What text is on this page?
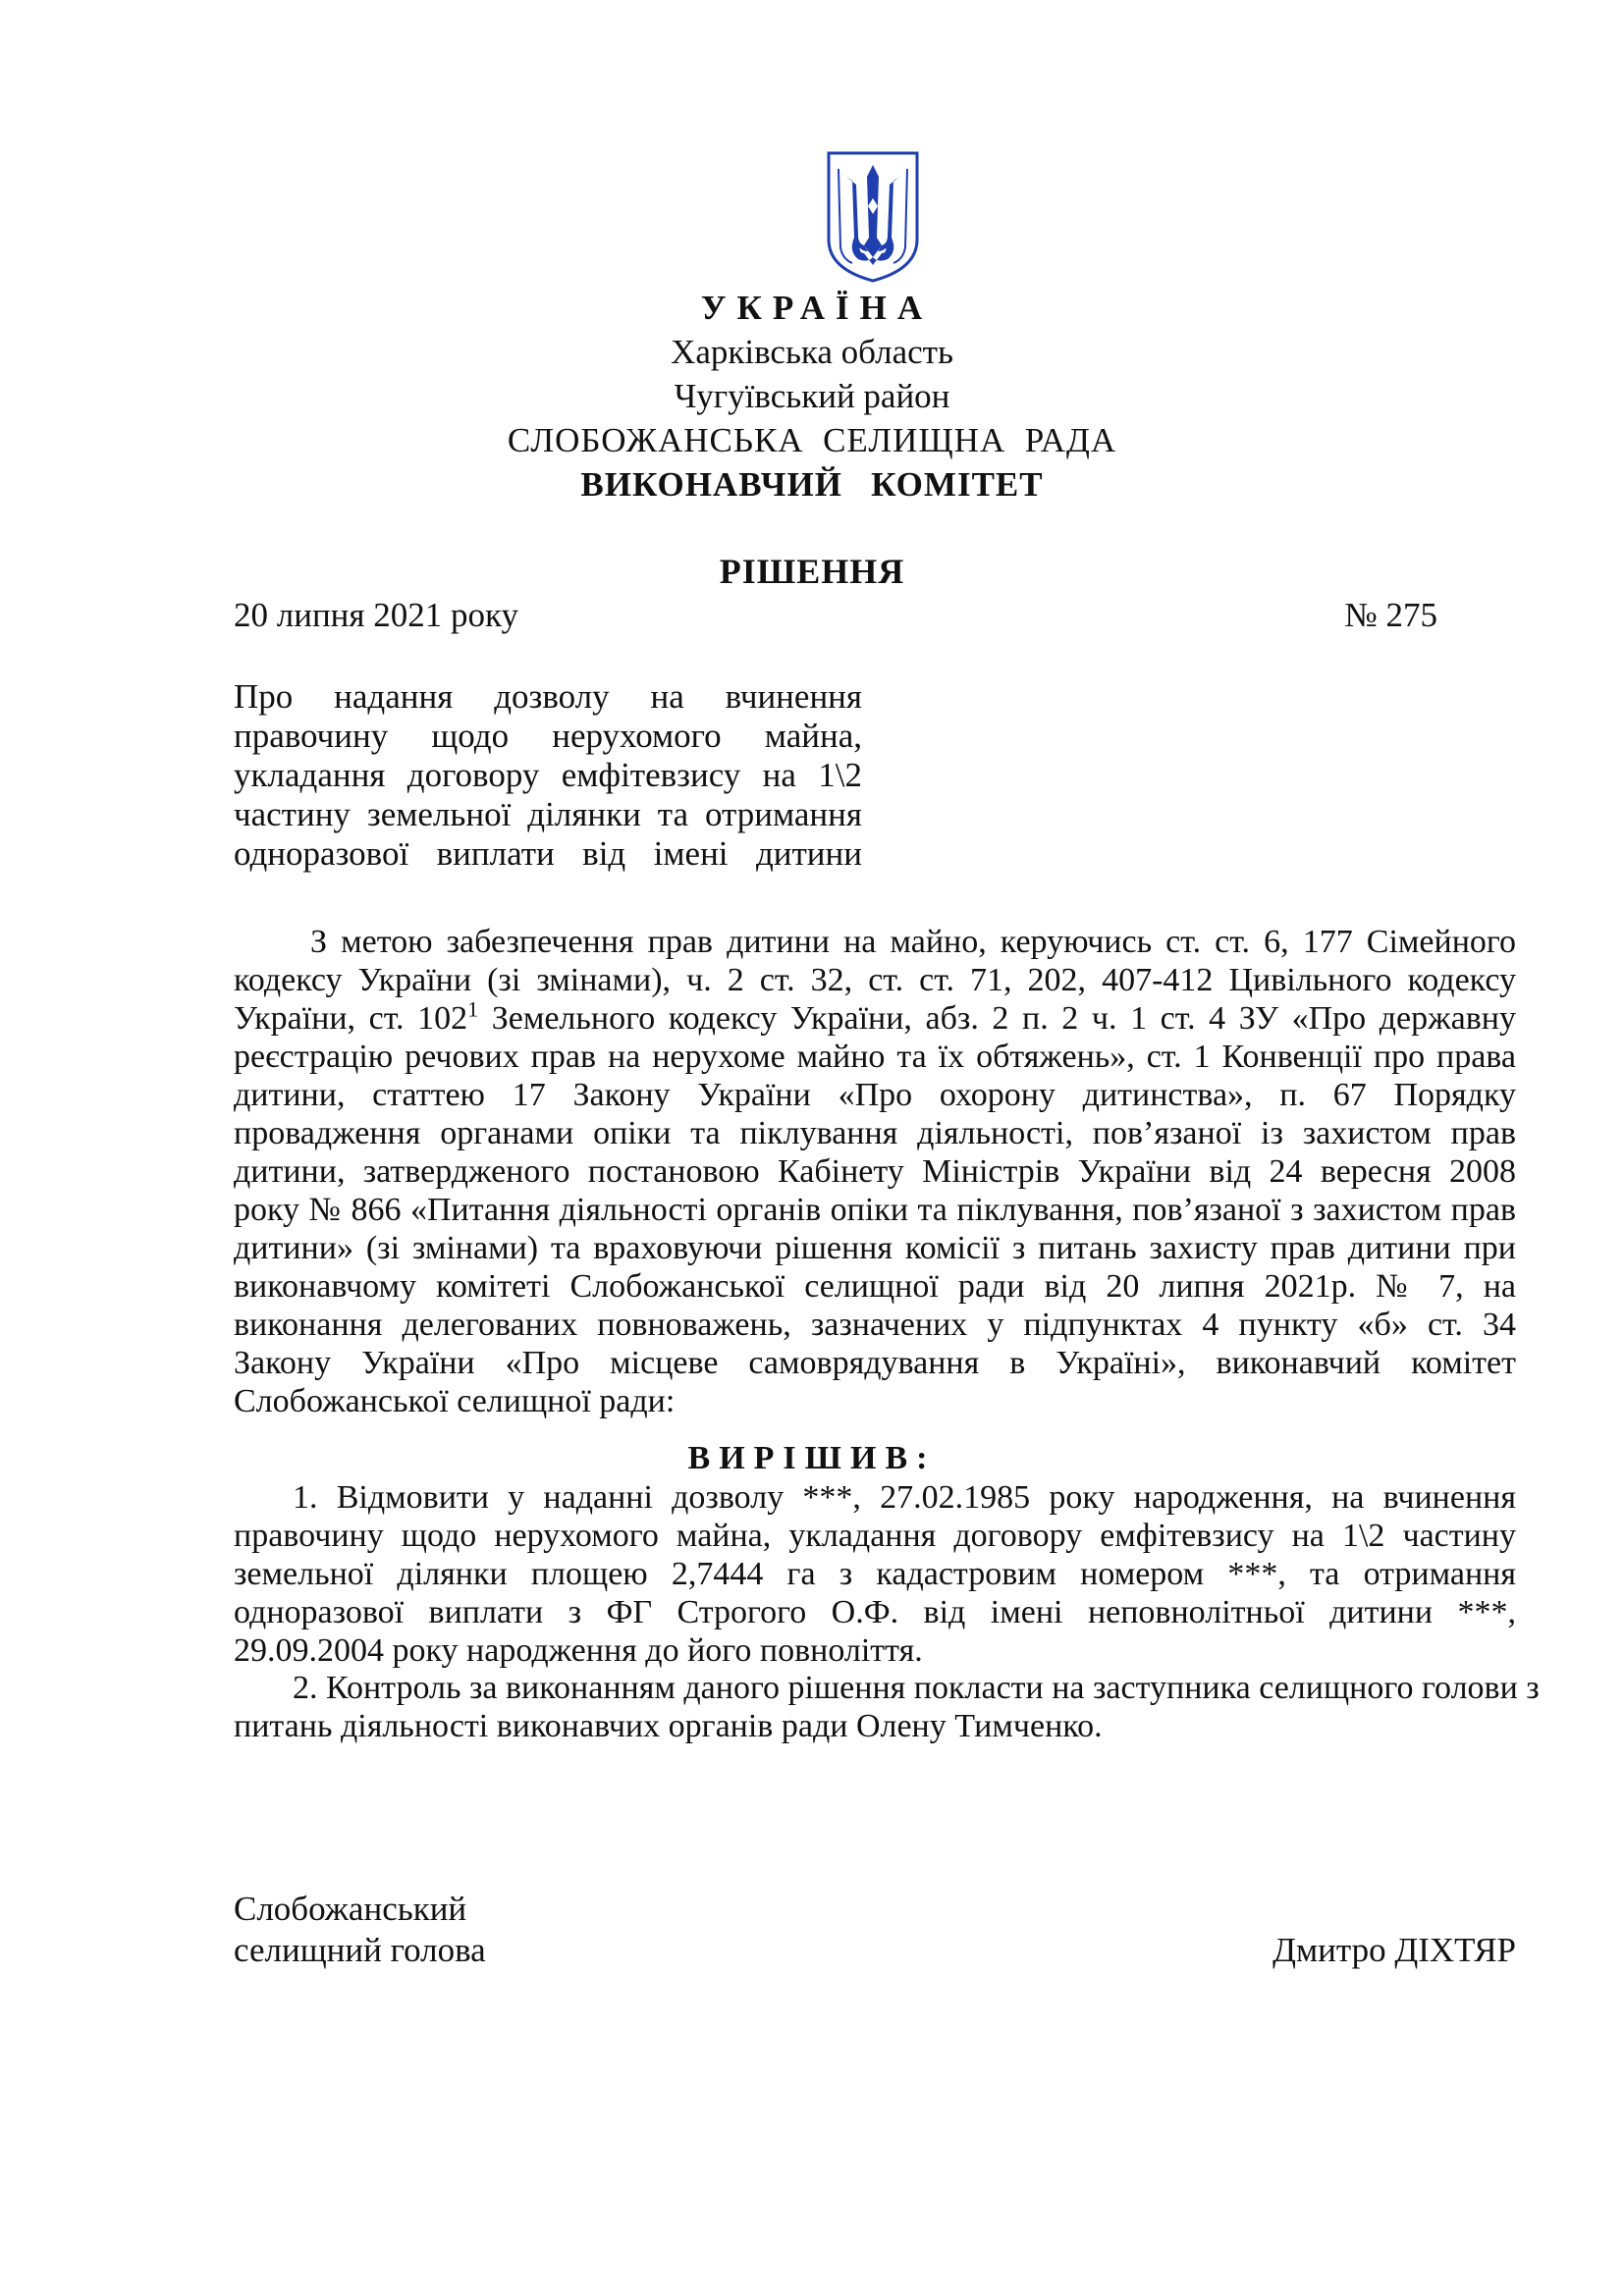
УКРАЇНА
Харківська область
Чугуївський район
СЛОБОЖАНСЬКА  СЕЛИЩНА  РАДА
ВИКОНАВЧИЙ   КОМІТЕТ
РІШЕННЯ
20 липня 2021 року	№ 275
Про надання дозволу на вчинення
правочину щодо нерухомого майна,
укладання договору емфітевзису на 1\2
частину земельної ділянки та отримання
одноразової виплати від імені дитини
З метою забезпечення прав дитини на майно, керуючись ст. ст. 6, 177 Сімейного
кодексу України (зі змінами), ч. 2 ст. 32, ст. ст. 71, 202, 407-412 Цивільного кодексу
України, ст. $102^1$ Земельного кодексу України, абз. 2 п. 2 ч. 1 ст. 4 ЗУ «Про державну
реєстрацію речових прав на нерухоме майно та їх обтяжень», ст. 1 Конвенції про права
дитини, статтею 17 Закону України «Про охорону дитинства», п. 67 Порядку
провадження органами опіки та піклування діяльності, пов’язаної із захистом прав
дитини, затвердженого постановою Кабінету Міністрів України від 24 вересня 2008
року № 866 «Питання діяльності органів опіки та піклування, пов’язаної з захистом прав
дитини» (зі змінами) та враховуючи рішення комісії з питань захисту прав дитини при
виконавчому комітеті Слобожанської селищної ради від 20 липня 2021р. № 7, на
виконання делегованих повноважень, зазначених у підпунктах 4 пункту «б» ст. 34
Закону України «Про місцеве самоврядування в Україні», виконавчий комітет
Слобожанської селищної ради:
ВИРІШИВ:
1. Відмовити у наданні дозволу ***, 27.02.1985 року народження, на вчинення
правочину щодо нерухомого майна, укладання договору емфітевзису на 1\2 частину
земельної ділянки площею 2,7444 га з кадастровим номером ***, та отримання
одноразової виплати з ФГ Строгого О.Ф. від імені неповнолітньої дитини ***,
29.09.2004 року народження до його повноліття.
2. Контроль за виконанням даного рішення покласти на заступника селищного голови з
питань діяльності виконавчих органів ради Олену Тимченко.
Слобожанський
селищний голова	Дмитро ДІХТЯР
